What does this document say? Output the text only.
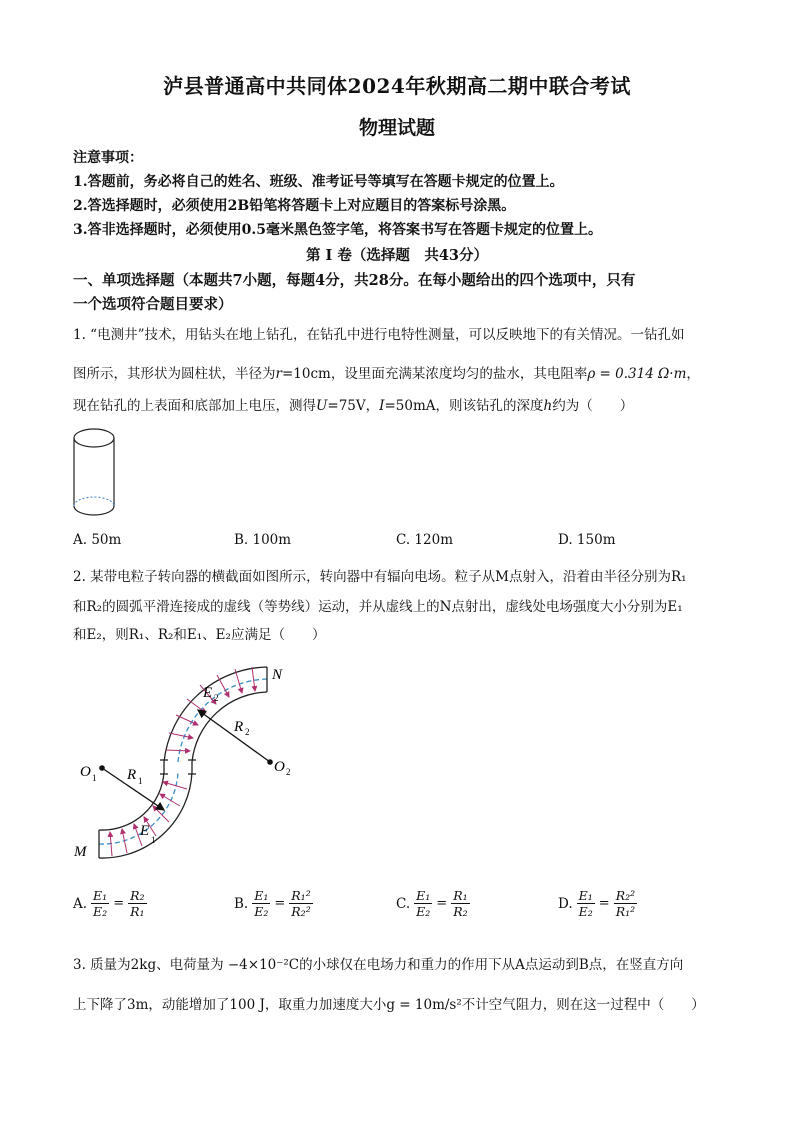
泸县普通高中共同体2024年秋期高二期中联合考试
物理试题
注意事项：
1.答题前，务必将自己的姓名、班级、准考证号等填写在答题卡规定的位置上。
2.答选择题时，必须使用2B铅笔将答题卡上对应题目的答案标号涂黑。
3.答非选择题时，必须使用0.5毫米黑色签字笔，将答案书写在答题卡规定的位置上。
第 I 卷（选择题　共43分）
一、单项选择题（本题共7小题，每题4分，共28分。在每小题给出的四个选项中，只有
一个选项符合题目要求）
1. “电测井”技术，用钻头在地上钻孔，在钻孔中进行电特性测量，可以反映地下的有关情况。一钻孔如
图所示，其形状为圆柱状，半径为r=10cm，设里面充满某浓度均匀的盐水，其电阻率ρ = 0.314 Ω·m，
现在钻孔的上表面和底部加上电压，测得U=75V，I=50mA，则该钻孔的深度h约为（　　）
A. 50m	B. 100m	C. 120m	D. 150m
2. 某带电粒子转向器的横截面如图所示，转向器中有辐向电场。粒子从M点射入，沿着由半径分别为R₁
和R₂的圆弧平滑连接成的虚线（等势线）运动，并从虚线上的N点射出，虚线处电场强度大小分别为E₁
和E₂，则R₁、R₂和E₁、E₂应满足（　　）
N
M
O 1
O 2
R 1
R 2
E
1
E 2
A. $\frac{\text{E₁}}{\text{E₂}} = \frac{\text{R₂}}{\text{R₁}}$	B. $\frac{\text{E₁}}{\text{E₂}} = \frac{\text{R₁²}}{\text{R₂²}}$	C. $\frac{\text{E₁}}{\text{E₂}} = \frac{\text{R₁}}{\text{R₂}}$	D. $\frac{\text{E₁}}{\text{E₂}} = \frac{\text{R₂²}}{\text{R₁²}}$
3. 质量为2kg、电荷量为 −4×10⁻²C的小球仅在电场力和重力的作用下从A点运动到B点，在竖直方向
上下降了3m，动能增加了100 J，取重力加速度大小g = 10m/s²不计空气阻力，则在这一过程中（　　）
